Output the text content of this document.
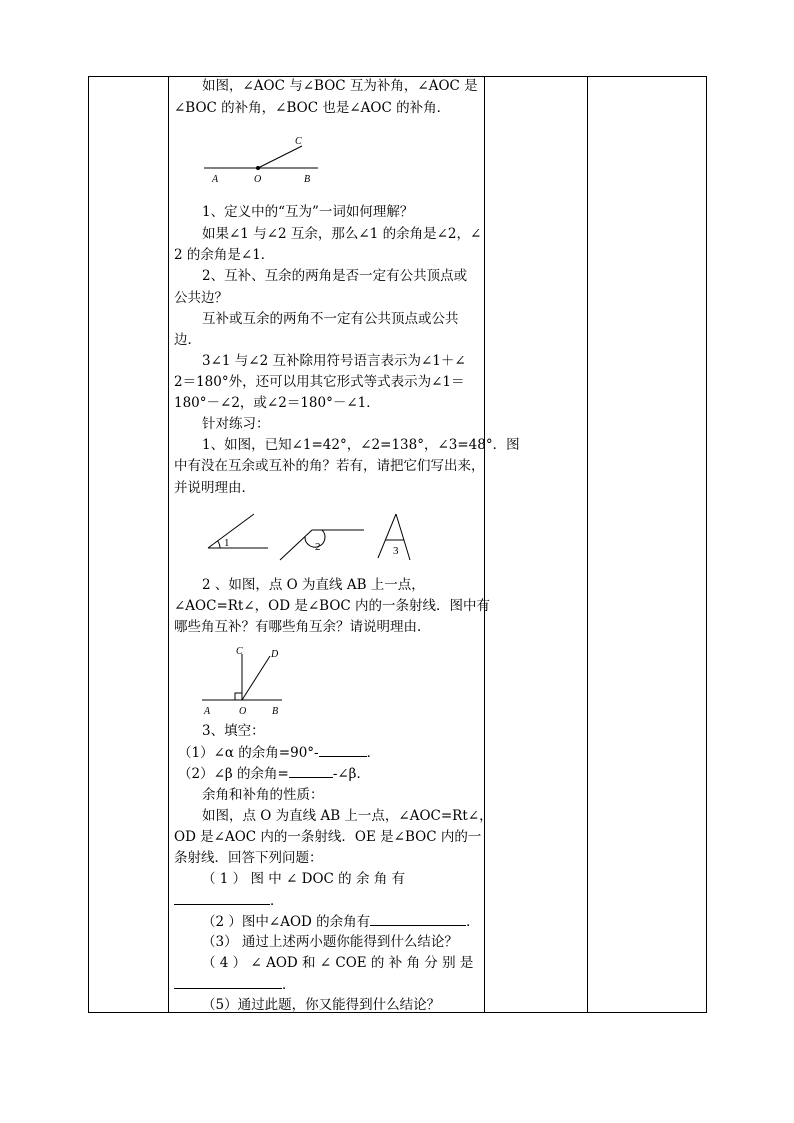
如图，∠AOC 与∠BOC 互为补角，∠AOC 是

∠BOC 的补角，∠BOC 也是∠AOC 的补角．

A	O	B
C

1、定义中的“互为”一词如何理解？

如果∠1 与∠2 互余，那么∠1 的余角是∠2，∠

2 的余角是∠1．

2、互补、互余的两角是否一定有公共顶点或

公共边？

互补或互余的两角不一定有公共顶点或公共

边．

3∠1 与∠2 互补除用符号语言表示为∠1＋∠

2＝180°外，还可以用其它形式等式表示为∠1＝

180°－∠2，或∠2＝180°－∠1．

针对练习：

1、如图，已知∠1=42°，∠2=138°，∠3=48°．图

中有没在互余或互补的角？若有，请把它们写出来，

并说明理由．

1	2	3

2 、如图，点 O 为直线 AB 上一点，

∠AOC=Rt∠，OD 是∠BOC 内的一条射线．图中有

哪些角互补？有哪些角互余？请说明理由．

A	O	B
C	D

3、填空：

（1）∠α 的余角=90°-	．

（2）∠β 的余角=	-∠β．

余角和补角的性质：

如图，点 O 为直线 AB 上一点，∠AOC=Rt∠，

OD 是∠AOC 内的一条射线．OE 是∠BOC 内的一

条射线．回答下列问题：

（ 1 ） 图 中 ∠ DOC 的 余 角 有

．

（2 ）图中∠AOD 的余角有	．

（3） 通过上述两小题你能得到什么结论？

（ 4 ） ∠ AOD 和 ∠ COE 的 补 角 分 别 是

．

（5）通过此题，你又能得到什么结论？
